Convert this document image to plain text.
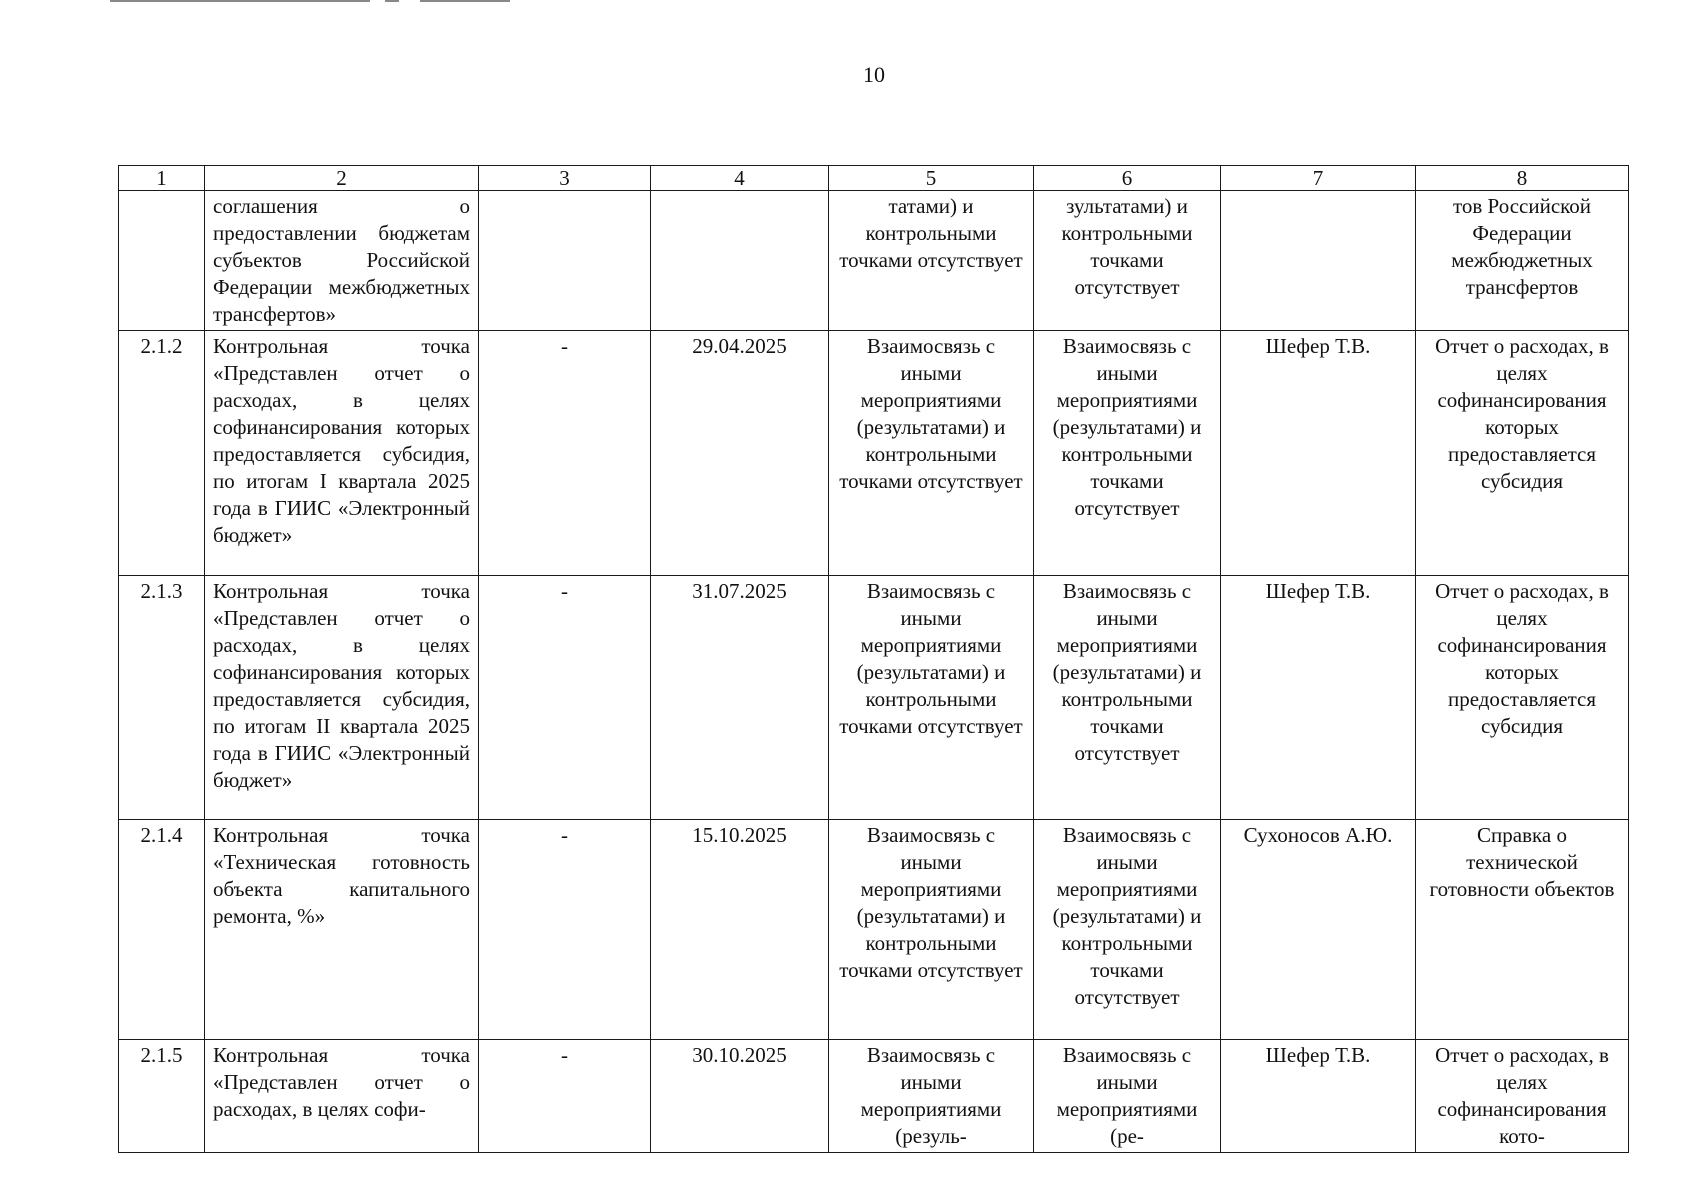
10
1	2	3	4	5	6	7	8
	соглашения о предоставлении бюджетам субъектов Российской Федерации межбюджетных трансфертов»			татами) и контрольными точками отсутствует	зультатами) и контрольными точками отсутствует		тов Российской Федерации межбюджетных трансфертов
2.1.2	Контрольная точка «Представлен отчет о расходах, в целях софинансирования которых предоставляется субсидия, по итогам I квартала 2025 года в ГИИС «Электронный бюджет»	-	29.04.2025	Взаимосвязь с иными мероприятиями (результатами) и контрольными точками отсутствует	Взаимосвязь с иными мероприятиями (результатами) и контрольными точками отсутствует	Шефер Т.В.	Отчет о расходах, в целях софинансирования которых предоставляется субсидия
2.1.3	Контрольная точка «Представлен отчет о расходах, в целях софинансирования которых предоставляется субсидия, по итогам II квартала 2025 года в ГИИС «Электронный бюджет»	-	31.07.2025	Взаимосвязь с иными мероприятиями (результатами) и контрольными точками отсутствует	Взаимосвязь с иными мероприятиями (результатами) и контрольными точками отсутствует	Шефер Т.В.	Отчет о расходах, в целях софинансирования которых предоставляется субсидия
2.1.4	Контрольная точка «Техническая готовность объекта капитального ремонта, %»	-	15.10.2025	Взаимосвязь с иными мероприятиями (результатами) и контрольными точками отсутствует	Взаимосвязь с иными мероприятиями (результатами) и контрольными точками отсутствует	Сухоносов А.Ю.	Справка о технической готовности объектов
2.1.5	Контрольная точка «Представлен отчет о расходах, в целях софи-	-	30.10.2025	Взаимосвязь с иными мероприятиями (резуль-	Взаимосвязь с иными мероприятиями (ре-	Шефер Т.В.	Отчет о расходах, в целях софинансирования кото-
